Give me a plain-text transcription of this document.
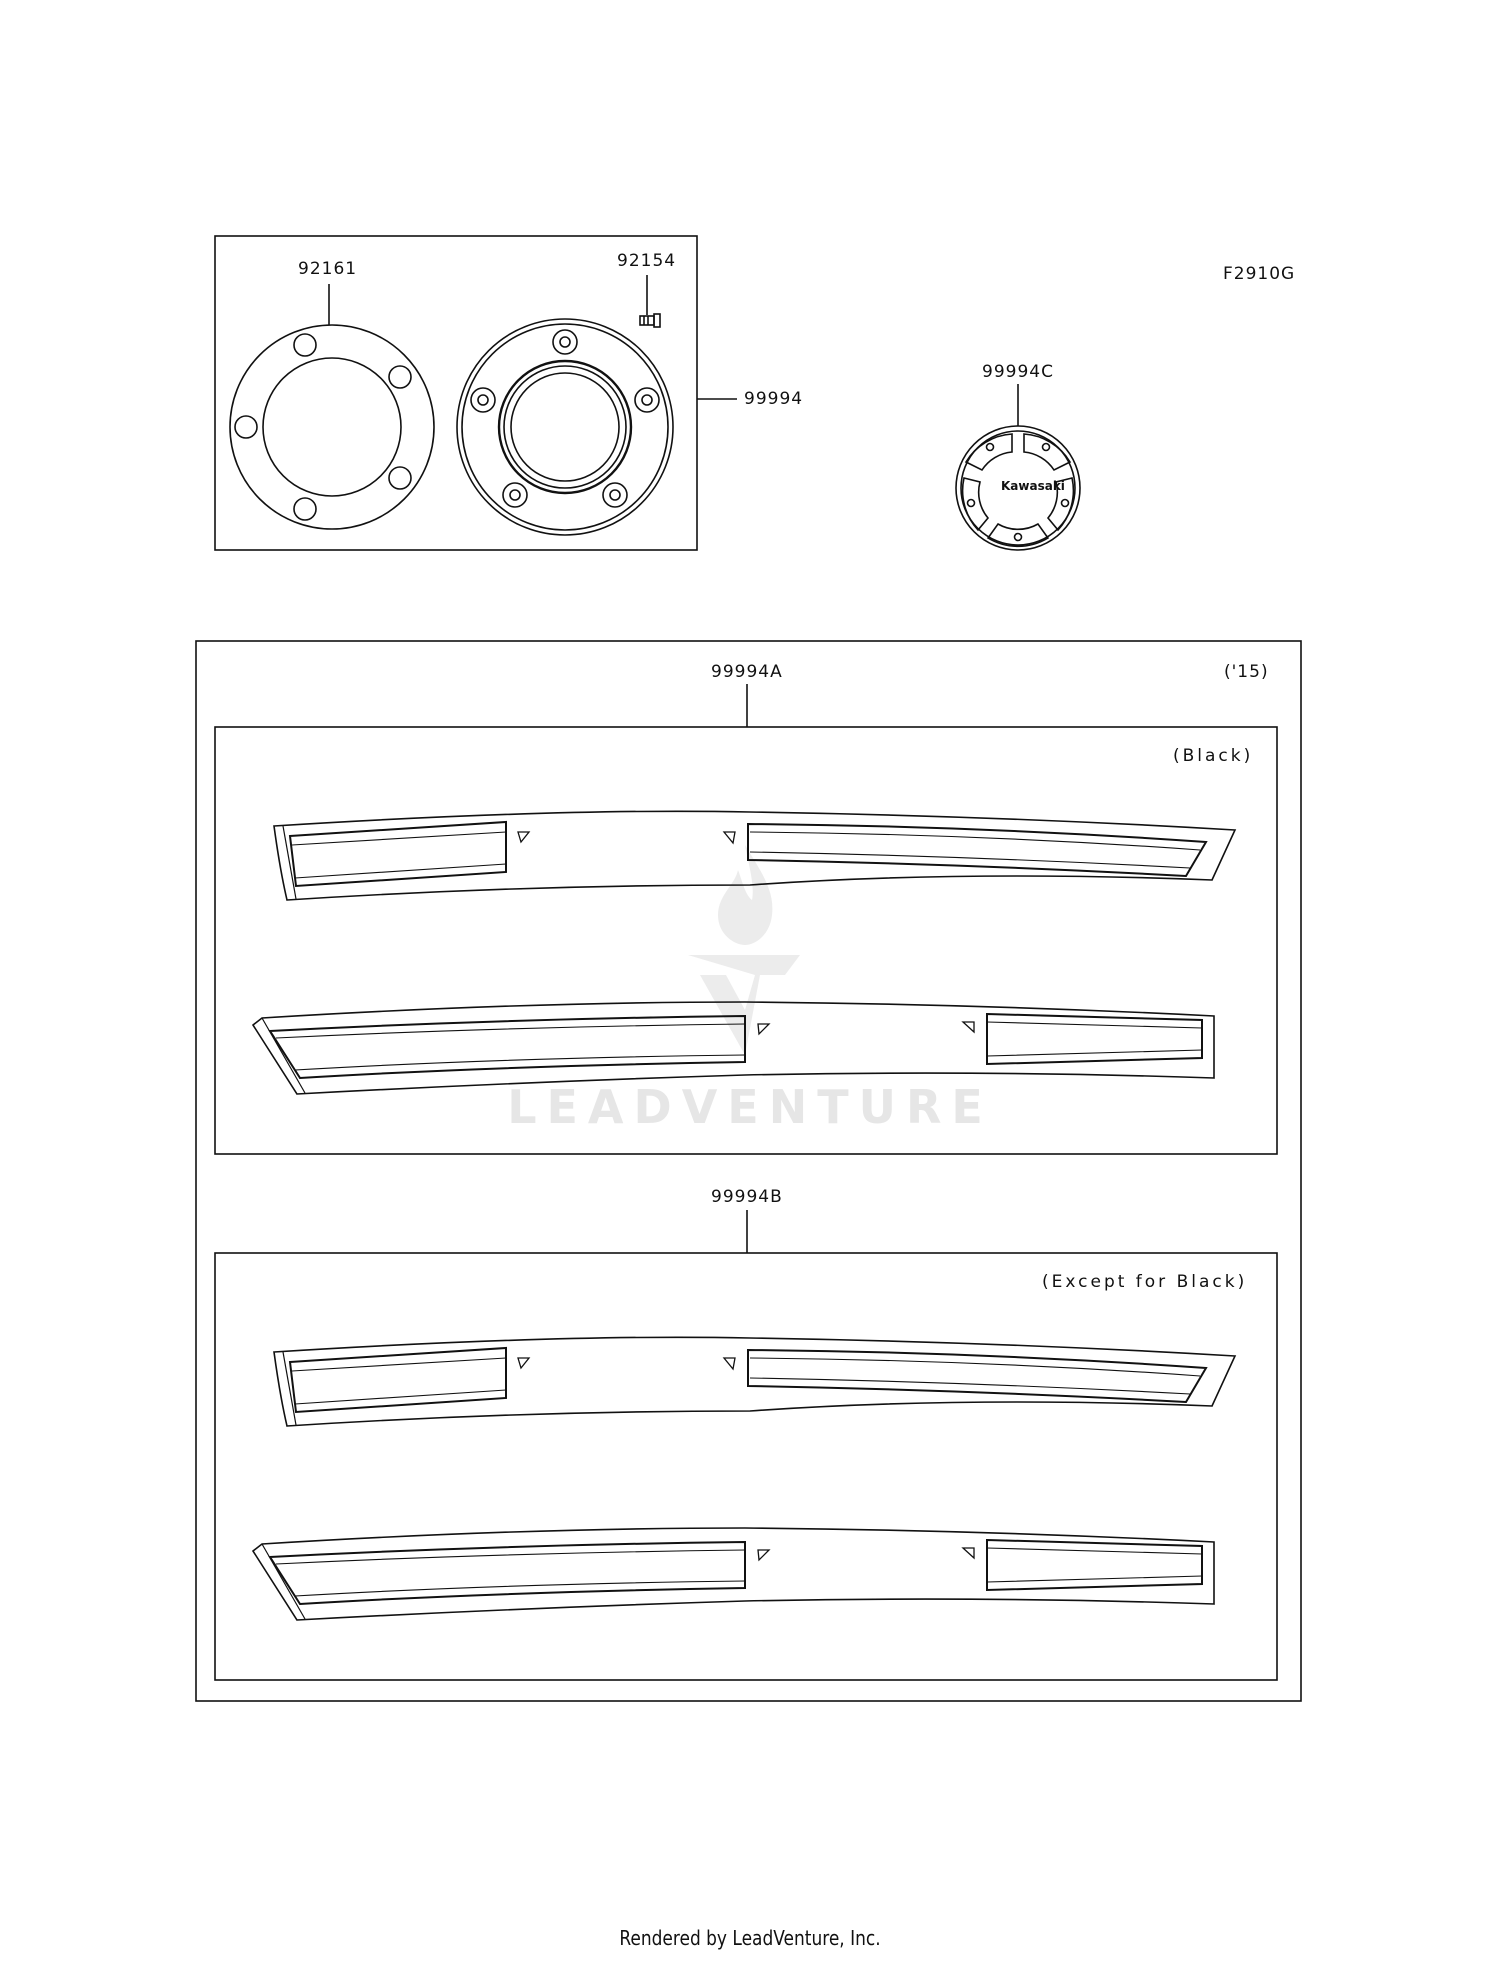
LEADVENTURE
92161	92154
99994
F2910G
99994C
Kawasaki
('15)
99994A
(Black)
99994B
(Except for Black)
Rendered by LeadVenture, Inc.
